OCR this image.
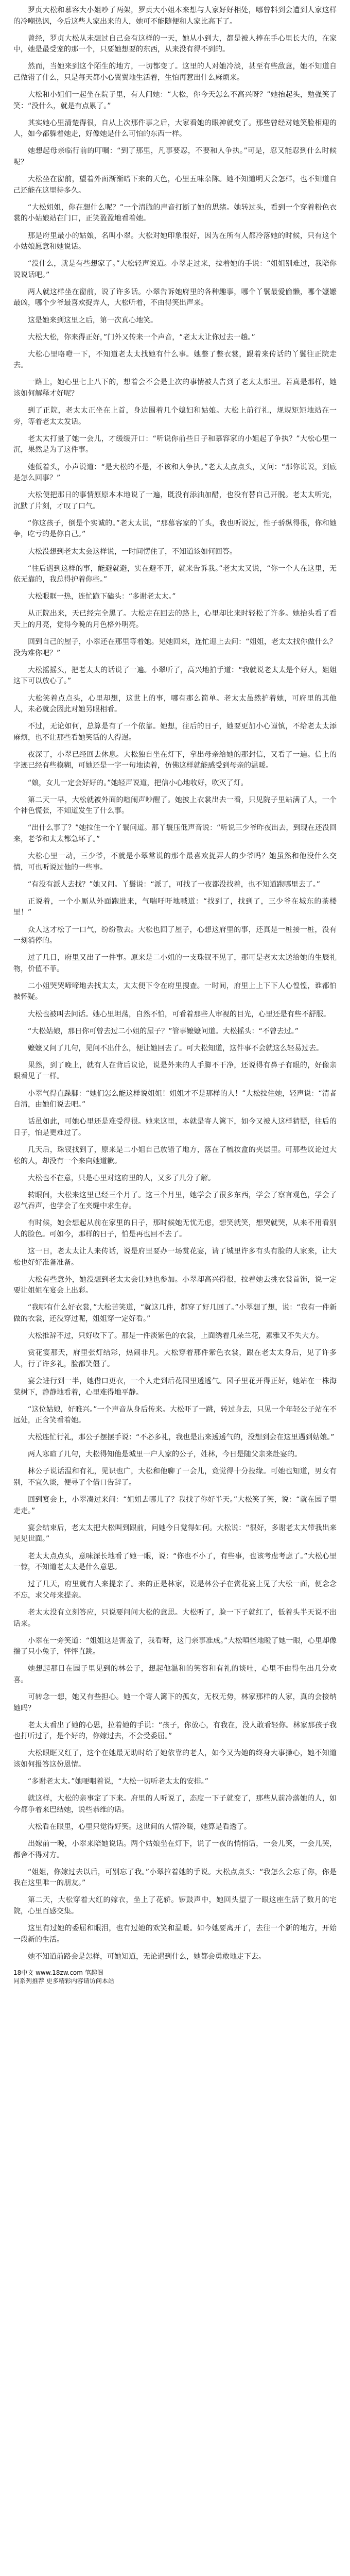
罗贞大松和慕容大小姐吵了两架，罗贞大小姐本来想与人家好好相处，哪曾料到会遭到人家这样的冷嘲热讽，今后这些人家出来的人，她可不能随便和人家比高下了。

曾经，罗贞大松从未想过自己会有这样的一天，她从小到大，都是被人捧在手心里长大的，在家中，她是最受宠的那一个，只要她想要的东西，从来没有得不到的。

然而，当她来到这个陌生的地方，一切都变了。这里的人对她冷淡，甚至有些敌意，她不知道自己做错了什么，只是每天都小心翼翼地生活着，生怕再惹出什么麻烦来。

大松和小姐们一起坐在院子里，有人问她：“大松，你今天怎么不高兴呀？”她抬起头，勉强笑了笑：“没什么，就是有点累了。”

其实她心里清楚得很，自从上次那件事之后，大家看她的眼神就变了。那些曾经对她笑脸相迎的人，如今都躲着她走，好像她是什么可怕的东西一样。

她想起母亲临行前的叮嘱：“到了那里，凡事要忍，不要和人争执。”可是，忍又能忍到什么时候呢？

大松坐在窗前，望着外面渐渐暗下来的天色，心里五味杂陈。她不知道明天会怎样，也不知道自己还能在这里待多久。

“大松姐姐，你在想什么呢？”一个清脆的声音打断了她的思绪。她转过头，看到一个穿着粉色衣裳的小姑娘站在门口，正笑盈盈地看着她。

那是府里最小的姑娘，名叫小翠。大松对她印象很好，因为在所有人都冷落她的时候，只有这个小姑娘愿意和她说话。

“没什么，就是有些想家了。”大松轻声说道。小翠走过来，拉着她的手说：“姐姐别难过，我陪你说说话吧。”

两人就这样坐在窗前，说了许多话。小翠告诉她府里的各种趣事，哪个丫鬟最爱偷懒，哪个嬷嬷最凶，哪个少爷最喜欢捉弄人，大松听着，不由得笑出声来。

这是她来到这里之后，第一次真心地笑。

大松大松，你来得正好，”门外又传来一个声音，“老太太让你过去一趟。”

大松心里咯噔一下，不知道老太太找她有什么事。她整了整衣裳，跟着来传话的丫鬟往正院走去。

一路上，她心里七上八下的，想着会不会是上次的事情被人告到了老太太那里。若真是那样，她该如何解释才好呢？

到了正院，老太太正坐在上首，身边围着几个媳妇和姑娘。大松上前行礼，规规矩矩地站在一旁，等着老太太发话。

老太太打量了她一会儿，才缓缓开口：“听说你前些日子和慕容家的小姐起了争执？”大松心里一沉，果然是为了这件事。

她低着头，小声说道：“是大松的不是，不该和人争执。”老太太点点头，又问：“那你说说，到底是怎么回事？”

大松便把那日的事情原原本本地说了一遍，既没有添油加醋，也没有替自己开脱。老太太听完，沉默了片刻，才叹了口气。

“你这孩子，倒是个实诚的。”老太太说，“那慕容家的丫头，我也听说过，性子骄纵得很，你和她争，吃亏的是你自己。”

大松没想到老太太会这样说，一时间愣住了，不知道该如何回答。

“往后遇到这样的事，能避就避，实在避不开，就来告诉我。”老太太又说，“你一个人在这里，无依无靠的，我总得护着你些。”

大松眼眶一热，连忙跪下磕头：“多谢老太太。”

从正院出来，天已经完全黑了。大松走在回去的路上，心里却比来时轻松了许多。她抬头看了看天上的月亮，觉得今晚的月色格外明亮。

回到自己的屋子，小翠还在那里等着她。见她回来，连忙迎上去问：“姐姐，老太太找你做什么？没为难你吧？”

大松摇摇头，把老太太的话说了一遍。小翠听了，高兴地拍手道：“我就说老太太是个好人，姐姐这下可以放心了。”

大松笑着点点头，心里却想，这世上的事，哪有那么简单。老太太虽然护着她，可府里的其他人，未必就会因此对她另眼相看。

不过，无论如何，总算是有了一个依靠。她想，往后的日子，她要更加小心谨慎，不给老太太添麻烦，也不让那些看她笑话的人得逞。

夜深了，小翠已经回去休息。大松独自坐在灯下，拿出母亲给她的那封信，又看了一遍。信上的字迹已经有些模糊，可她还是一字一句地读着，仿佛这样就能感受到母亲的温暖。

“娘，女儿一定会好好的。”她轻声说道，把信小心地收好，吹灭了灯。

第二天一早，大松就被外面的喧闹声吵醒了。她披上衣裳出去一看，只见院子里站满了人，一个个神色慌张，不知道发生了什么事。

“出什么事了？”她拉住一个丫鬟问道。那丫鬟压低声音说：“听说三少爷昨夜出去，到现在还没回来，老爷和太太都急坏了。”

大松心里一动，三少爷，不就是小翠常说的那个最喜欢捉弄人的少爷吗？她虽然和他没什么交情，可也听说过他的一些事。

“有没有派人去找？”她又问。丫鬟说：“派了，可找了一夜都没找着，也不知道跑哪里去了。”

正说着，一个小厮从外面跑进来，气喘吁吁地喊道：“找到了，找到了，三少爷在城东的茶楼里！”

众人这才松了一口气，纷纷散去。大松也回了屋子，心想这府里的事，还真是一桩接一桩，没有一刻消停的。

过了几日，府里又出了一件事。原来是二小姐的一支珠钗不见了，那可是老太太送给她的生辰礼物，价值不菲。

二小姐哭哭啼啼地去找太太，太太便下令在府里搜查。一时间，府里上上下下人心惶惶，谁都怕被怀疑。

大松也被叫去问话。她心里坦荡，自然不怕，可看着那些人审视的目光，心里还是有些不舒服。

“大松姑娘，那日你可曾去过二小姐的屋子？”管事嬷嬷问道。大松摇头：“不曾去过。”

嬷嬷又问了几句，见问不出什么，便让她回去了。可大松知道，这件事不会就这么轻易过去。

果然，到了晚上，就有人在背后议论，说是外来的人手脚不干净，还说得有鼻子有眼的，好像亲眼看见了一样。

小翠气得直跺脚：“她们怎么能这样说姐姐！姐姐才不是那样的人！”大松拉住她，轻声说：“清者自清，由她们说去吧。”

话虽如此，可她心里还是难受得很。她来这里，本就是寄人篱下，如今又被人这样猜疑，往后的日子，怕是更难过了。

几天后，珠钗找到了，原来是二小姐自己放错了地方，落在了梳妆盒的夹层里。可那些议论过大松的人，却没有一个来向她道歉。

大松也不在意，只是心里对这府里的人，又多了几分了解。

转眼间，大松来这里已经三个月了。这三个月里，她学会了很多东西，学会了察言观色，学会了忍气吞声，也学会了在夹缝中求生存。

有时候，她会想起从前在家里的日子，那时候她无忧无虑，想笑就笑，想哭就哭，从来不用看别人的脸色。可如今，那样的日子，怕是再也回不去了。

这一日，老太太让人来传话，说是府里要办一场赏花宴，请了城里许多有头有脸的人家来，让大松也好好准备准备。

大松有些意外，她没想到老太太会让她也参加。小翠却高兴得很，拉着她去挑衣裳首饰，说一定要让姐姐在宴会上出彩。

“我哪有什么好衣裳，”大松苦笑道，“就这几件，都穿了好几回了。”小翠想了想，说：“我有一件新做的衣裳，还没穿过呢，姐姐穿一定好看。”

大松推辞不过，只好收下了。那是一件淡紫色的衣裳，上面绣着几朵兰花，素雅又不失大方。

赏花宴那天，府里张灯结彩，热闹非凡。大松穿着那件紫色衣裳，跟在老太太身后，见了许多人，行了许多礼，脸都笑僵了。

宴会进行到一半，她借口更衣，一个人走到后花园里透透气。园子里花开得正好，她站在一株海棠树下，静静地看着，心里难得地平静。

“这位姑娘，好雅兴。”一个声音从身后传来。大松吓了一跳，转过身去，只见一个年轻公子站在不远处，正含笑看着她。

大松连忙行礼，那公子摆摆手说：“不必多礼，我也是出来透透气的，没想到会在这里遇到姑娘。”

两人寒暄了几句，大松得知他是城里一户人家的公子，姓林，今日是随父亲来赴宴的。

林公子说话温和有礼，见识也广，大松和他聊了一会儿，竟觉得十分投缘。可她也知道，男女有别，不宜久谈，便寻了个借口告辞了。

回到宴会上，小翠凑过来问：“姐姐去哪儿了？我找了你好半天。”大松笑了笑，说：“就在园子里走走。”

宴会结束后，老太太把大松叫到跟前，问她今日觉得如何。大松说：“很好，多谢老太太带我出来见见世面。”

老太太点点头，意味深长地看了她一眼，说：“你也不小了，有些事，也该考虑考虑了。”大松心里一惊，不知道老太太是什么意思。

过了几天，府里就有人来提亲了。来的正是林家，说是林公子在赏花宴上见了大松一面，便念念不忘，求父母来提亲。

老太太没有立刻答应，只说要问问大松的意思。大松听了，脸一下子就红了，低着头半天说不出话来。

小翠在一旁笑道：“姐姐这是害羞了，我看呀，这门亲事准成。”大松嗔怪地瞪了她一眼，心里却像揣了只小兔子，怦怦直跳。

她想起那日在园子里见到的林公子，想起他温和的笑容和有礼的谈吐，心里不由得生出几分欢喜。

可转念一想，她又有些担心。她一个寄人篱下的孤女，无权无势，林家那样的人家，真的会接纳她吗？

老太太看出了她的心思，拉着她的手说：“孩子，你放心，有我在，没人敢看轻你。林家那孩子我也打听过了，是个好的，你嫁过去，不会受委屈。”

大松眼眶又红了，这个在她最无助时给了她依靠的老人，如今又为她的终身大事操心，她不知道该如何报答这份恩情。

“多谢老太太。”她哽咽着说，“大松一切听老太太的安排。”

就这样，大松的亲事定了下来。府里的人听说了，态度一下子就变了，那些从前冷落她的人，如今都争着来巴结她，说些恭维的话。

大松看在眼里，心里只觉得好笑。这世间的人情冷暖，她算是看透了。

出嫁前一晚，小翠来陪她说话。两个姑娘坐在灯下，说了一夜的悄悄话，一会儿笑，一会儿哭，都舍不得对方。

“姐姐，你嫁过去以后，可别忘了我。”小翠拉着她的手说。大松点点头：“我怎么会忘了你，你是我在这里唯一的朋友。”

第二天，大松穿着大红的嫁衣，坐上了花轿。锣鼓声中，她回头望了一眼这座生活了数月的宅院，心里百感交集。

这里有过她的委屈和眼泪，也有过她的欢笑和温暖。如今她要离开了，去往一个新的地方，开始一段新的生活。

她不知道前路会是怎样，可她知道，无论遇到什么，她都会勇敢地走下去。

18中文 www.18zw.com 笔趣阁
同系列推荐 更多精彩内容请访问本站
